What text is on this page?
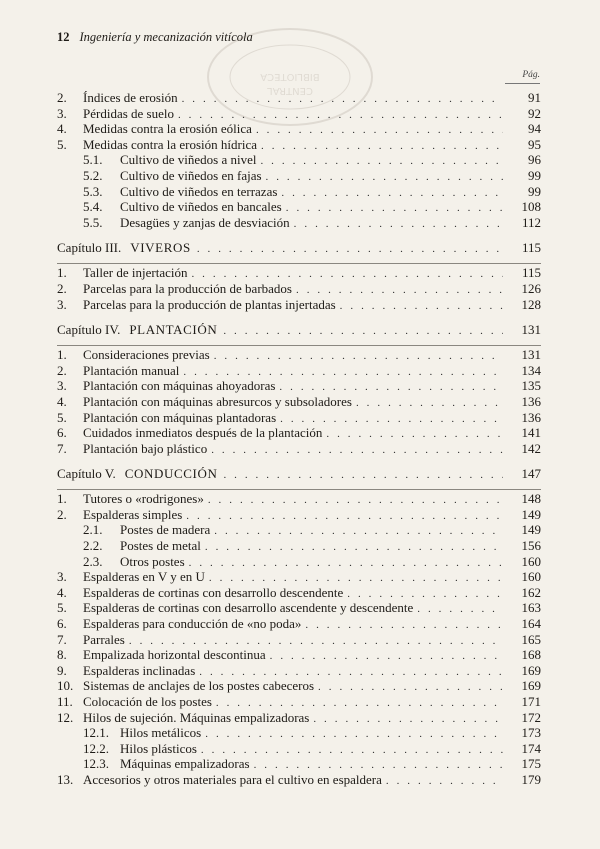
12 Ingeniería y mecanización vitícola
BIBLIOTECA
CENTRAL
Pág.
2.	Índices de erosión . . .	91
3.	Pérdidas de suelo . . .	92
4.	Medidas contra la erosión eólica . . .	94
5.	Medidas contra la erosión hídrica . . .	95
5.1.	Cultivo de viñedos a nivel . . .	96
5.2.	Cultivo de viñedos en fajas . . .	99
5.3.	Cultivo de viñedos en terrazas . . .	99
5.4.	Cultivo de viñedos en bancales . . .	108
5.5.	Desagües y zanjas de desviación . . .	112
Capítulo III. VIVEROS . . .	115
1.	Taller de injertación . . .	115
2.	Parcelas para la producción de barbados . . .	126
3.	Parcelas para la producción de plantas injertadas . . .	128
Capítulo IV. PLANTACIÓN . . .	131
1.	Consideraciones previas . . .	131
2.	Plantación manual . . .	134
3.	Plantación con máquinas ahoyadoras . . .	135
4.	Plantación con máquinas abresurcos y subsoladores . . .	136
5.	Plantación con máquinas plantadoras . . .	136
6.	Cuidados inmediatos después de la plantación . . .	141
7.	Plantación bajo plástico . . .	142
Capítulo V. CONDUCCIÓN . . .	147
1.	Tutores o «rodrigones» . . .	148
2.	Espalderas simples . . .	149
2.1.	Postes de madera . . .	149
2.2.	Postes de metal . . .	156
2.3.	Otros postes . . .	160
3.	Espalderas en V y en U . . .	160
4.	Espalderas de cortinas con desarrollo descendente . . .	162
5.	Espalderas de cortinas con desarrollo ascendente y descendente . . .	163
6.	Espalderas para conducción de «no poda» . . .	164
7.	Parrales . . .	165
8.	Empalizada horizontal descontinua . . .	168
9.	Espalderas inclinadas . . .	169
10. Sistemas de anclajes de los postes cabeceros . . .	169
11. Colocación de los postes . . .	171
12. Hilos de sujeción. Máquinas empalizadoras . . .	172
12.1. Hilos metálicos . . .	173
12.2. Hilos plásticos . . .	174
12.3. Máquinas empalizadoras . . .	175
13. Accesorios y otros materiales para el cultivo en espaldera . . .	179
